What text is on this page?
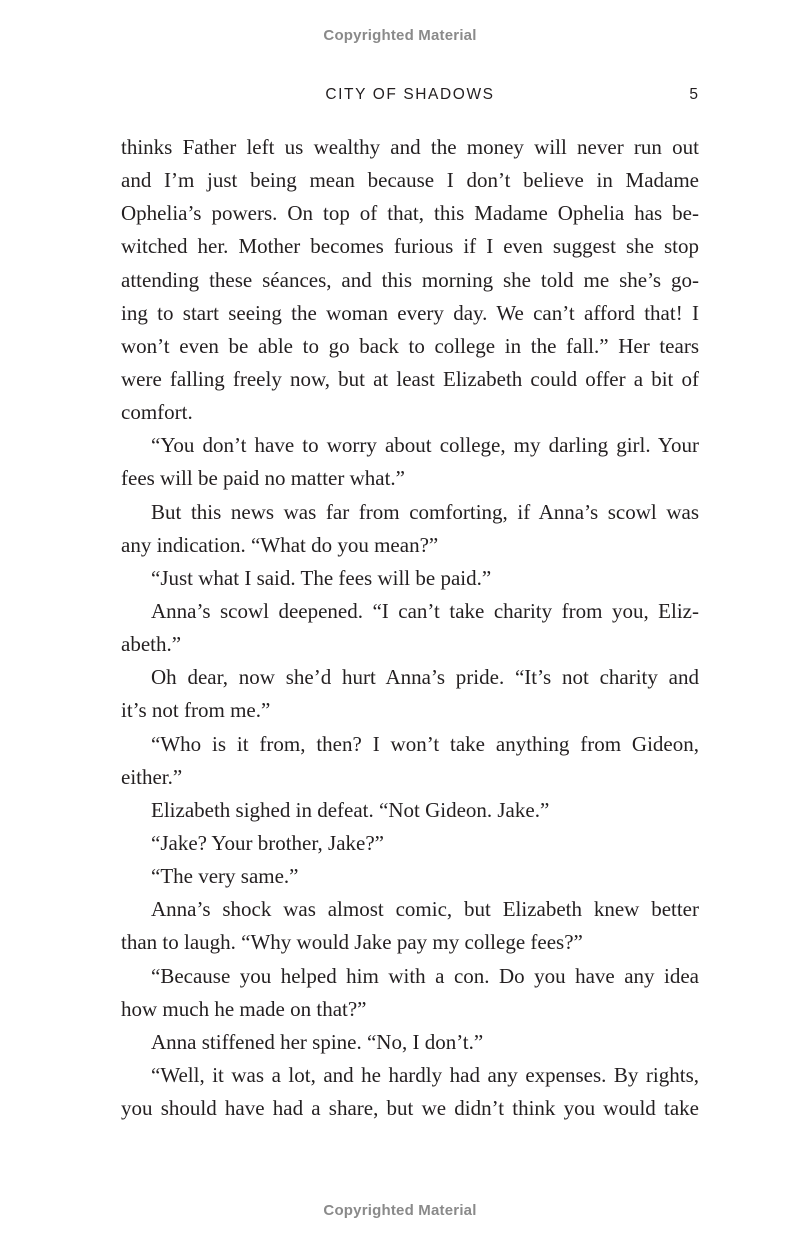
Copyrighted Material
CITY OF SHADOWS	5
thinks Father left us wealthy and the money will never run out
and I’m just being mean because I don’t believe in Madame
Ophelia’s powers. On top of that, this Madame Ophelia has be-
witched her. Mother becomes furious if I even suggest she stop
attending these séances, and this morning she told me she’s go-
ing to start seeing the woman every day. We can’t afford that! I
won’t even be able to go back to college in the fall.” Her tears
were falling freely now, but at least Elizabeth could offer a bit of
comfort.
“You don’t have to worry about college, my darling girl. Your
fees will be paid no matter what.”
But this news was far from comforting, if Anna’s scowl was
any indication. “What do you mean?”
“Just what I said. The fees will be paid.”
Anna’s scowl deepened. “I can’t take charity from you, Eliz-
abeth.”
Oh dear, now she’d hurt Anna’s pride. “It’s not charity and
it’s not from me.”
“Who is it from, then? I won’t take anything from Gideon,
either.”
Elizabeth sighed in defeat. “Not Gideon. Jake.”
“Jake? Your brother, Jake?”
“The very same.”
Anna’s shock was almost comic, but Elizabeth knew better
than to laugh. “Why would Jake pay my college fees?”
“Because you helped him with a con. Do you have any idea
how much he made on that?”
Anna stiffened her spine. “No, I don’t.”
“Well, it was a lot, and he hardly had any expenses. By rights,
you should have had a share, but we didn’t think you would take
Copyrighted Material
